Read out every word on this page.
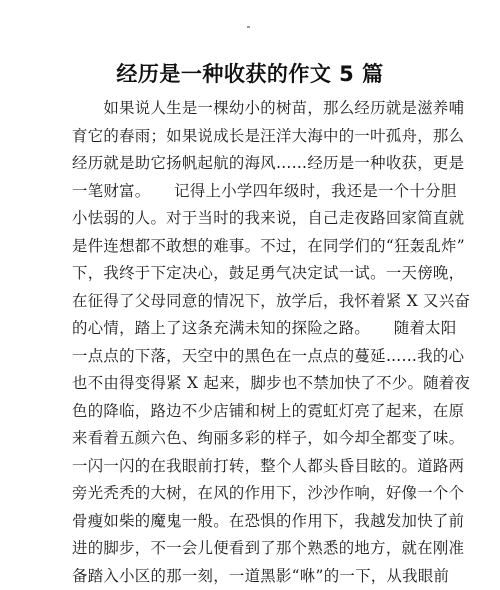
经历是一种收获的作文 5 篇
　　如果说人生是一棵幼小的树苗，那么经历就是滋养哺
育它的春雨；如果说成长是汪洋大海中的一叶孤舟，那么
经历就是助它扬帆起航的海风……经历是一种收获，更是
一笔财富。　　记得上小学四年级时，我还是一个十分胆
小怯弱的人。对于当时的我来说，自己走夜路回家简直就
是件连想都不敢想的难事。不过，在同学们的“狂轰乱炸”
下，我终于下定决心，鼓足勇气决定试一试。一天傍晚，
在征得了父母同意的情况下，放学后，我怀着紧 X 又兴奋
的心情，踏上了这条充满未知的探险之路。　　随着太阳
一点点的下落，天空中的黑色在一点点的蔓延……我的心
也不由得变得紧 X 起来，脚步也不禁加快了不少。随着夜
色的降临，路边不少店铺和树上的霓虹灯亮了起来，在原
来看着五颜六色、绚丽多彩的样子，如今却全都变了味。
一闪一闪的在我眼前打转，整个人都头昏目眩的。道路两
旁光秃秃的大树，在风的作用下，沙沙作响，好像一个个
骨瘦如柴的魔鬼一般。在恐惧的作用下，我越发加快了前
进的脚步，不一会儿便看到了那个熟悉的地方，就在刚准
备踏入小区的那一刻，一道黑影“咻”的一下，从我眼前
